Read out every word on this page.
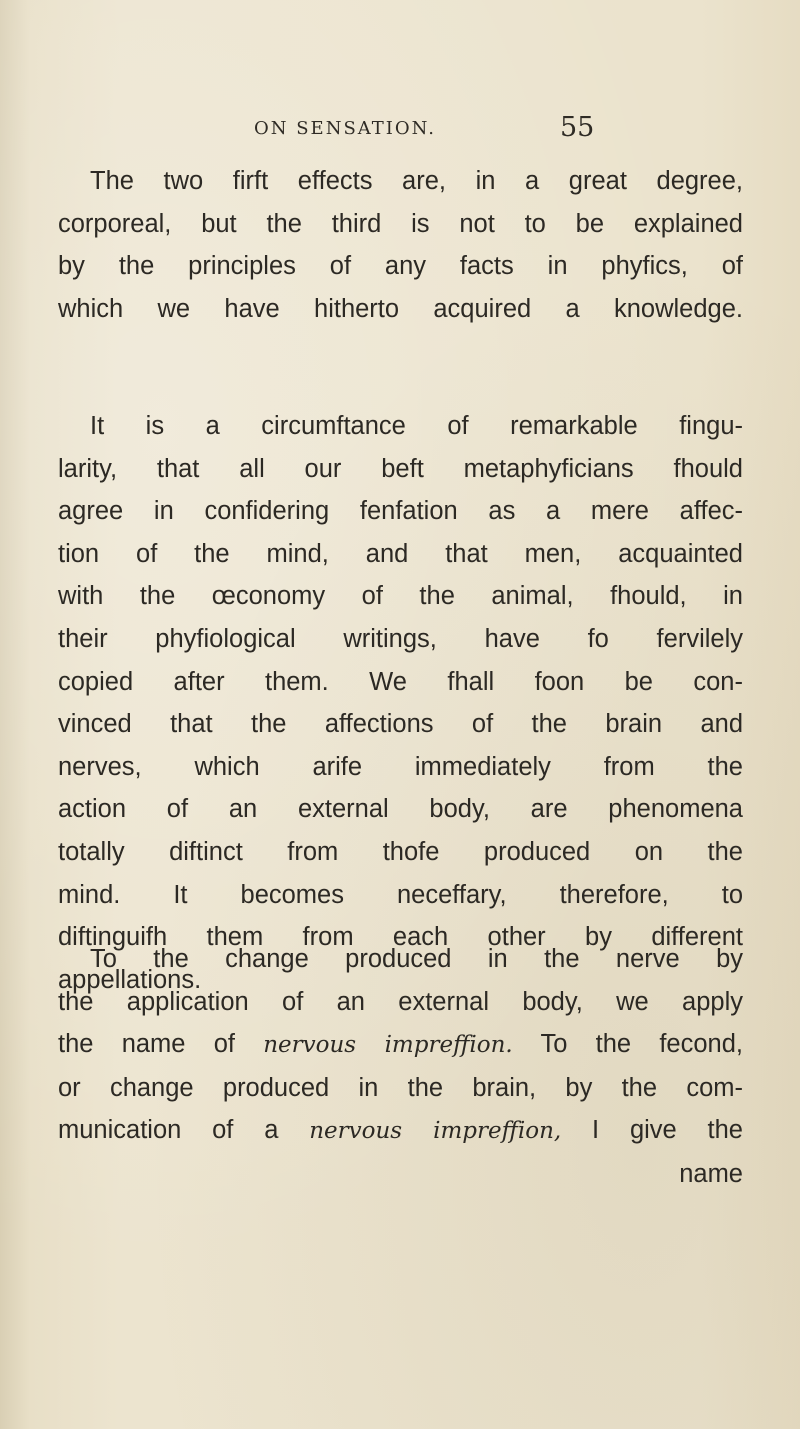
ON SENSATION.	55
The two firft effects are, in a great degree,
corporeal, but the third is not to be explained
by the principles of any facts in phyfics, of
which we have hitherto acquired a knowledge.
It is a circumftance of remarkable fingu-
larity, that all our beft metaphyficians fhould
agree in confidering fenfation as a mere affec-
tion of the mind, and that men, acquainted
with the œconomy of the animal, fhould, in
their phyfiological writings, have fo fervilely
copied after them. We fhall foon be con-
vinced that the affections of the brain and
nerves, which arife immediately from the
action of an external body, are phenomena
totally diftinct from thofe produced on the
mind. It becomes neceffary, therefore, to
diftinguifh them from each other by different
appellations.
To the change produced in the nerve by
the application of an external body, we apply
the name of nervous impreffion. To the fecond,
or change produced in the brain, by the com-
munication of a nervous impreffion, I give the
name
